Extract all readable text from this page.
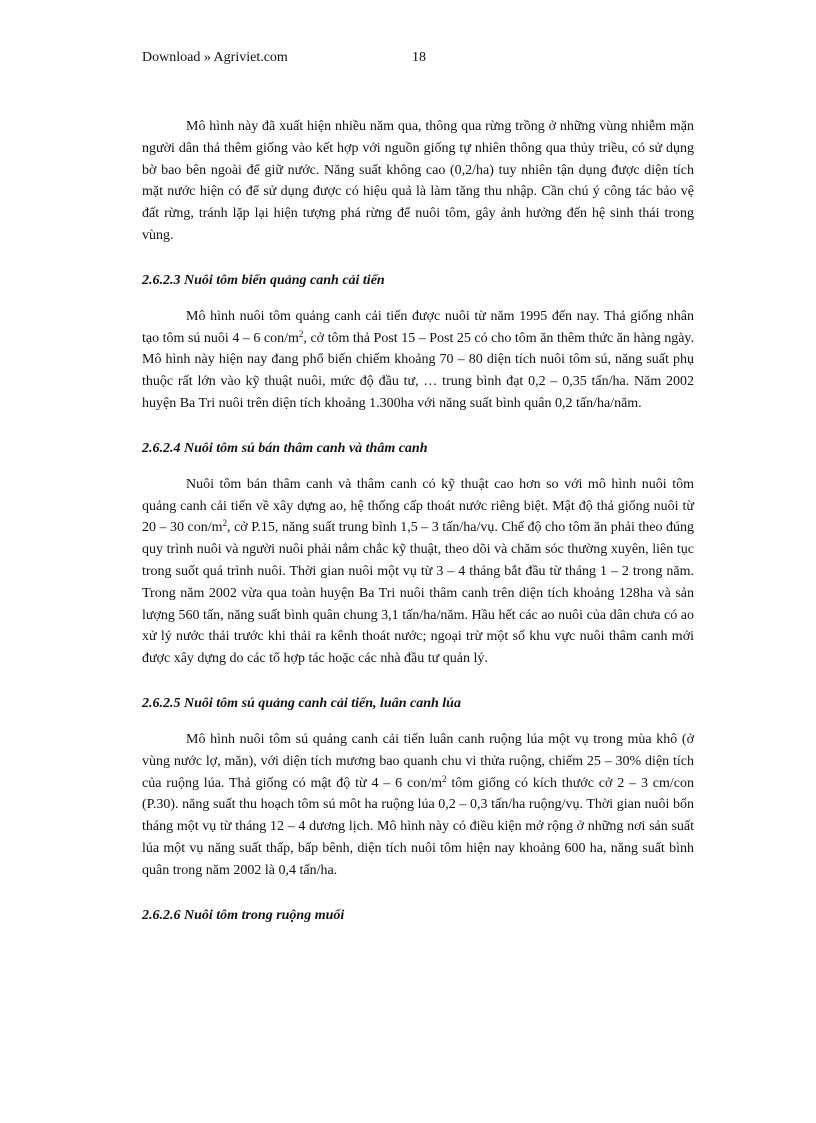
Download » Agriviet.com	18

Mô hình này đã xuất hiện nhiều năm qua, thông qua rừng trồng ở những vùng nhiễm mặn người dân thả thêm giống vào kết hợp với nguồn giống tự nhiên thông qua thủy triều, có sử dụng bờ bao bên ngoài để giữ nước. Năng suất không cao (0,2/ha) tuy nhiên tận dụng được diện tích mặt nước hiện có để sử dụng được có hiệu quả là làm tăng thu nhập. Cần chú ý công tác bảo vệ đất rừng, tránh lặp lại hiện tượng phá rừng để nuôi tôm, gây ảnh hưởng đến hệ sinh thái trong vùng.

2.6.2.3 Nuôi tôm biển quảng canh cải tiến

Mô hình nuôi tôm quảng canh cải tiến được nuôi từ năm 1995 đến nay. Thả giống nhân tạo tôm sú nuôi 4 – 6 con/$m^2$, cở tôm thả Post 15 – Post 25 có cho tôm ăn thêm thức ăn hàng ngày. Mô hình này hiện nay đang phổ biến chiếm khoảng 70 – 80 diện tích nuôi tôm sú, năng suất phụ thuộc rất lớn vào kỹ thuật nuôi, mức độ đầu tư, … trung bình đạt 0,2 – 0,35 tấn/ha. Năm 2002 huyện Ba Tri nuôi trên diện tích khoảng 1.300ha với năng suất bình quân 0,2 tấn/ha/năm.

2.6.2.4 Nuôi tôm sú bán thâm canh và thâm canh

Nuôi tôm bán thâm canh và thâm canh có kỹ thuật cao hơn so với mô hình nuôi tôm quảng canh cải tiến về xây dựng ao, hệ thống cấp thoát nước riêng biệt. Mật độ thả giống nuôi từ 20 – 30 con/$m^2$, cở P.15, năng suất trung bình 1,5 – 3 tấn/ha/vụ. Chế độ cho tôm ăn phải theo đúng quy trình nuôi và người nuôi phải nắm chắc kỹ thuật, theo dõi và chăm sóc thường xuyên, liên tục trong suốt quá trình nuôi. Thời gian nuôi một vụ từ 3 – 4 tháng bắt đầu từ tháng 1 – 2 trong năm. Trong năm 2002 vừa qua toàn huyện Ba Tri nuôi thâm canh trên diện tích khoảng 128ha và sản lượng 560 tấn, năng suất bình quân chung 3,1 tấn/ha/năm. Hầu hết các ao nuôi của dân chưa có ao xử lý nước thải trước khi thải ra kênh thoát nước; ngoại trừ một số khu vực nuôi thâm canh mới được xây dựng do các tổ hợp tác hoặc các nhà đầu tư quản lý.

2.6.2.5 Nuôi tôm sú quảng canh cải tiến, luân canh lúa

Mô hình nuôi tôm sú quảng canh cải tiến luân canh ruộng lúa một vụ trong mùa khô (ở vùng nước lợ, măn), với diện tích mương bao quanh chu vi thửa ruộng, chiếm 25 – 30% diện tích của ruộng lúa. Thả giống có mật độ từ 4 – 6 con/$m^2$ tôm giống có kích thước cở 2 – 3 cm/con (P.30). năng suất thu hoạch tôm sú môt ha ruộng lúa 0,2 – 0,3 tấn/ha ruộng/vụ. Thời gian nuôi bốn tháng một vụ từ tháng 12 – 4 dương lịch. Mô hình này có điều kiện mở rộng ở những nơi sản suất lúa một vụ năng suất thấp, bấp bênh, diện tích nuôi tôm hiện nay khoảng 600 ha, năng suất bình quân trong năm 2002 là 0,4 tấn/ha.

2.6.2.6 Nuôi tôm trong ruộng muối
